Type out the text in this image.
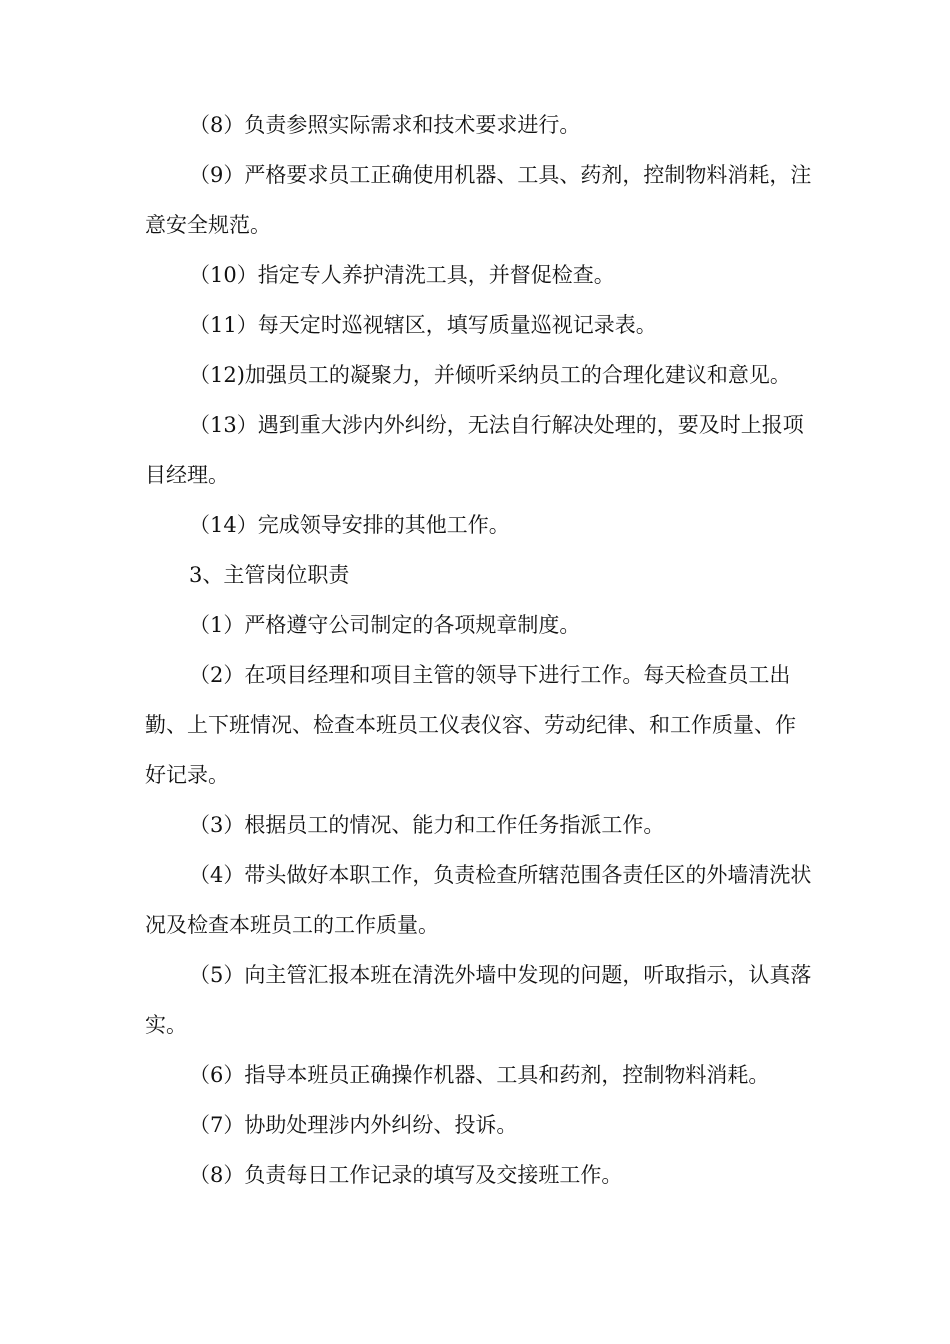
（8）负责参照实际需求和技术要求进行。

（9）严格要求员工正确使用机器、工具、药剂，控制物料消耗，注意安全规范。

（10）指定专人养护清洗工具，并督促检查。

（11）每天定时巡视辖区，填写质量巡视记录表。

（12)加强员工的凝聚力，并倾听采纳员工的合理化建议和意见。

（13）遇到重大涉内外纠纷，无法自行解决处理的，要及时上报项目经理。

（14）完成领导安排的其他工作。

3、主管岗位职责

（1）严格遵守公司制定的各项规章制度。

（2）在项目经理和项目主管的领导下进行工作。每天检查员工出勤、上下班情况、检查本班员工仪表仪容、劳动纪律、和工作质量、作好记录。

（3）根据员工的情况、能力和工作任务指派工作。

（4）带头做好本职工作，负责检查所辖范围各责任区的外墙清洗状况及检查本班员工的工作质量。

（5）向主管汇报本班在清洗外墙中发现的问题，听取指示，认真落实。

（6）指导本班员正确操作机器、工具和药剂，控制物料消耗。

（7）协助处理涉内外纠纷、投诉。

（8）负责每日工作记录的填写及交接班工作。
